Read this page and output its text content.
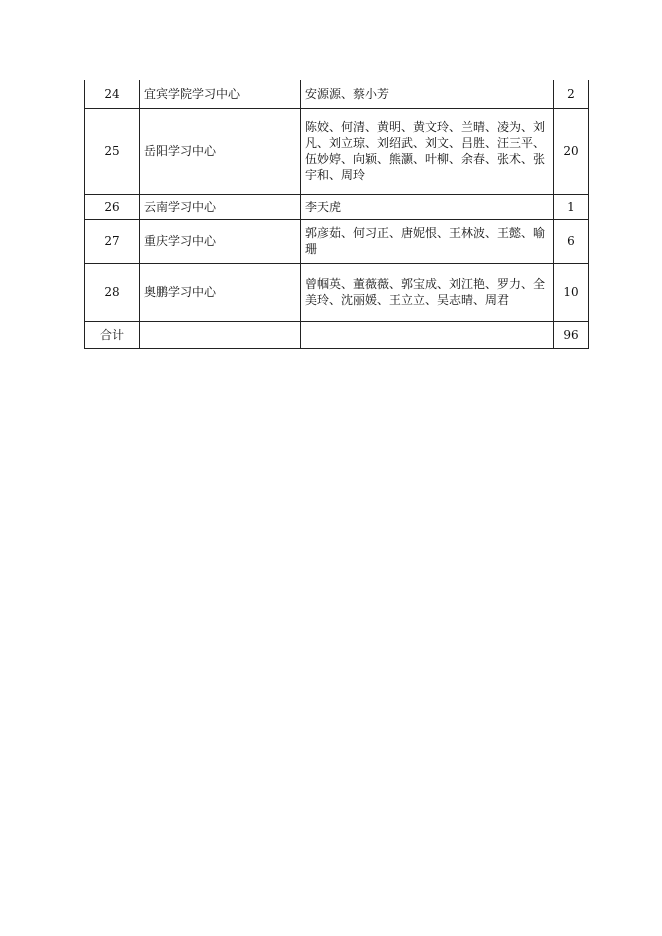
24	宜宾学院学习中心	安源源、蔡小芳	2
25	岳阳学习中心	陈姣、何清、黄明、黄文玲、兰晴、凌为、刘凡、刘立琼、刘绍武、刘文、吕胜、汪三平、伍妙婷、向颖、熊灏、叶柳、余春、张术、张宇和、周玲	20
26	云南学习中心	李天虎	1
27	重庆学习中心	郭彦茹、何习正、唐妮恨、王林波、王懿、喻珊	6
28	奥鹏学习中心	曾帼英、董薇薇、郭宝成、刘江艳、罗力、全美玲、沈丽媛、王立立、吴志晴、周君	10
合计			96
